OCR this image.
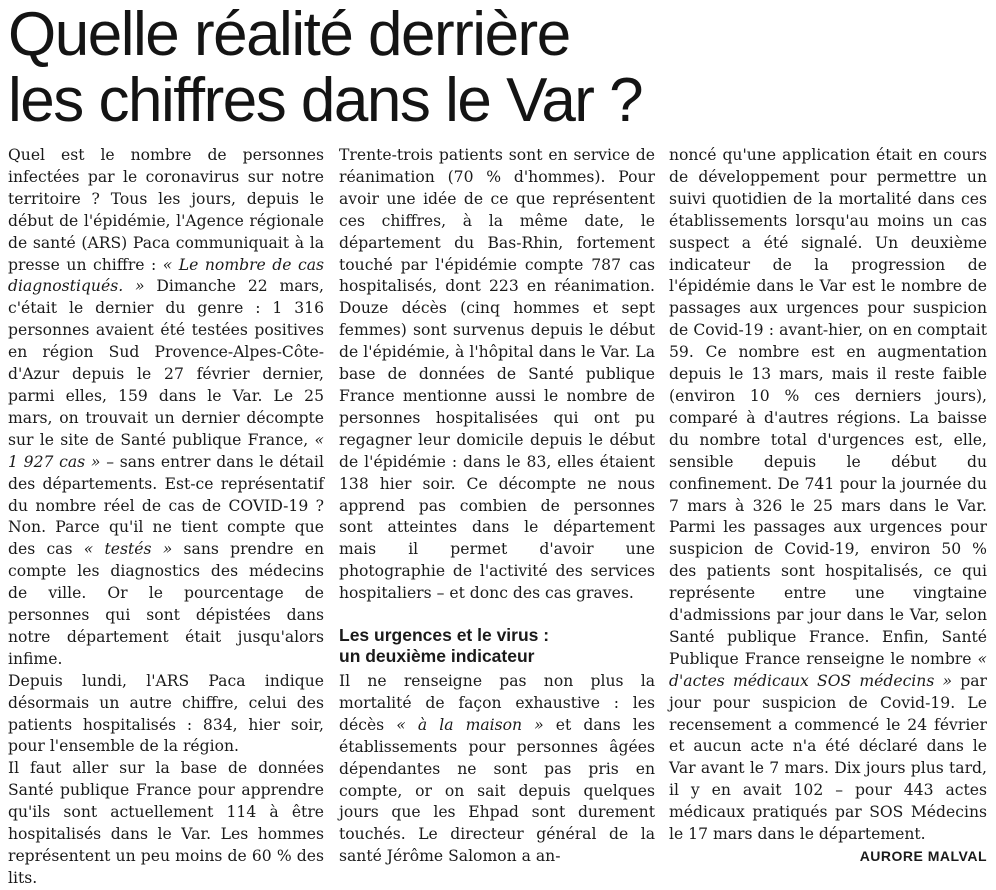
Quelle réalité derrière
les chiffres dans le Var ?

Quel est le nombre de personnes infectées par le coronavirus sur notre territoire ? Tous les jours, depuis le début de l'épidémie, l'Agence régionale de santé (ARS) Paca communiquait à la presse un chiffre : « Le nombre de cas diagnostiqués. » Dimanche 22 mars, c'était le dernier du genre : 1 316 personnes avaient été testées positives en région Sud Provence-Alpes-Côte-d'Azur depuis le 27 février dernier, parmi elles, 159 dans le Var. Le 25 mars, on trouvait un dernier décompte sur le site de Santé publique France, « 1 927 cas » – sans entrer dans le détail des départements. Est-ce représentatif du nombre réel de cas de COVID-19 ? Non. Parce qu'il ne tient compte que des cas « testés » sans prendre en compte les diagnostics des médecins de ville. Or le pourcentage de personnes qui sont dépistées dans notre département était jusqu'alors infime.

Depuis lundi, l'ARS Paca indique désormais un autre chiffre, celui des patients hospitalisés : 834, hier soir, pour l'ensemble de la région.

Il faut aller sur la base de données Santé publique France pour apprendre qu'ils sont actuellement 114 à être hospitalisés dans le Var. Les hommes représentent un peu moins de 60 % des lits.

Trente-trois patients sont en service de réanimation (70 % d'hommes). Pour avoir une idée de ce que représentent ces chiffres, à la même date, le département du Bas-Rhin, fortement touché par l'épidémie compte 787 cas hospitalisés, dont 223 en réanimation. Douze décès (cinq hommes et sept femmes) sont survenus depuis le début de l'épidémie, à l'hôpital dans le Var. La base de données de Santé publique France mentionne aussi le nombre de personnes hospitalisées qui ont pu regagner leur domicile depuis le début de l'épidémie : dans le 83, elles étaient 138 hier soir. Ce décompte ne nous apprend pas combien de personnes sont atteintes dans le département mais il permet d'avoir une photographie de l'activité des services hospitaliers – et donc des cas graves.

Les urgences et le virus :
un deuxième indicateur

Il ne renseigne pas non plus la mortalité de façon exhaustive : les décès « à la maison » et dans les établissements pour personnes âgées dépendantes ne sont pas pris en compte, or on sait depuis quelques jours que les Ehpad sont durement touchés. Le directeur général de la santé Jérôme Salomon a an-

noncé qu'une application était en cours de développement pour permettre un suivi quotidien de la mortalité dans ces établissements lorsqu'au moins un cas suspect a été signalé. Un deuxième indicateur de la progression de l'épidémie dans le Var est le nombre de passages aux urgences pour suspicion de Covid-19 : avant-hier, on en comptait 59. Ce nombre est en augmentation depuis le 13 mars, mais il reste faible (environ 10 % ces derniers jours), comparé à d'autres régions. La baisse du nombre total d'urgences est, elle, sensible depuis le début du confinement. De 741 pour la journée du 7 mars à 326 le 25 mars dans le Var. Parmi les passages aux urgences pour suspicion de Covid-19, environ 50 % des patients sont hospitalisés, ce qui représente entre une vingtaine d'admissions par jour dans le Var, selon Santé publique France. Enfin, Santé Publique France renseigne le nombre « d'actes médicaux SOS médecins » par jour pour suspicion de Covid-19. Le recensement a commencé le 24 février et aucun acte n'a été déclaré dans le Var avant le 7 mars. Dix jours plus tard, il y en avait 102 – pour 443 actes médicaux pratiqués par SOS Médecins le 17 mars dans le département.
AURORE MALVAL
